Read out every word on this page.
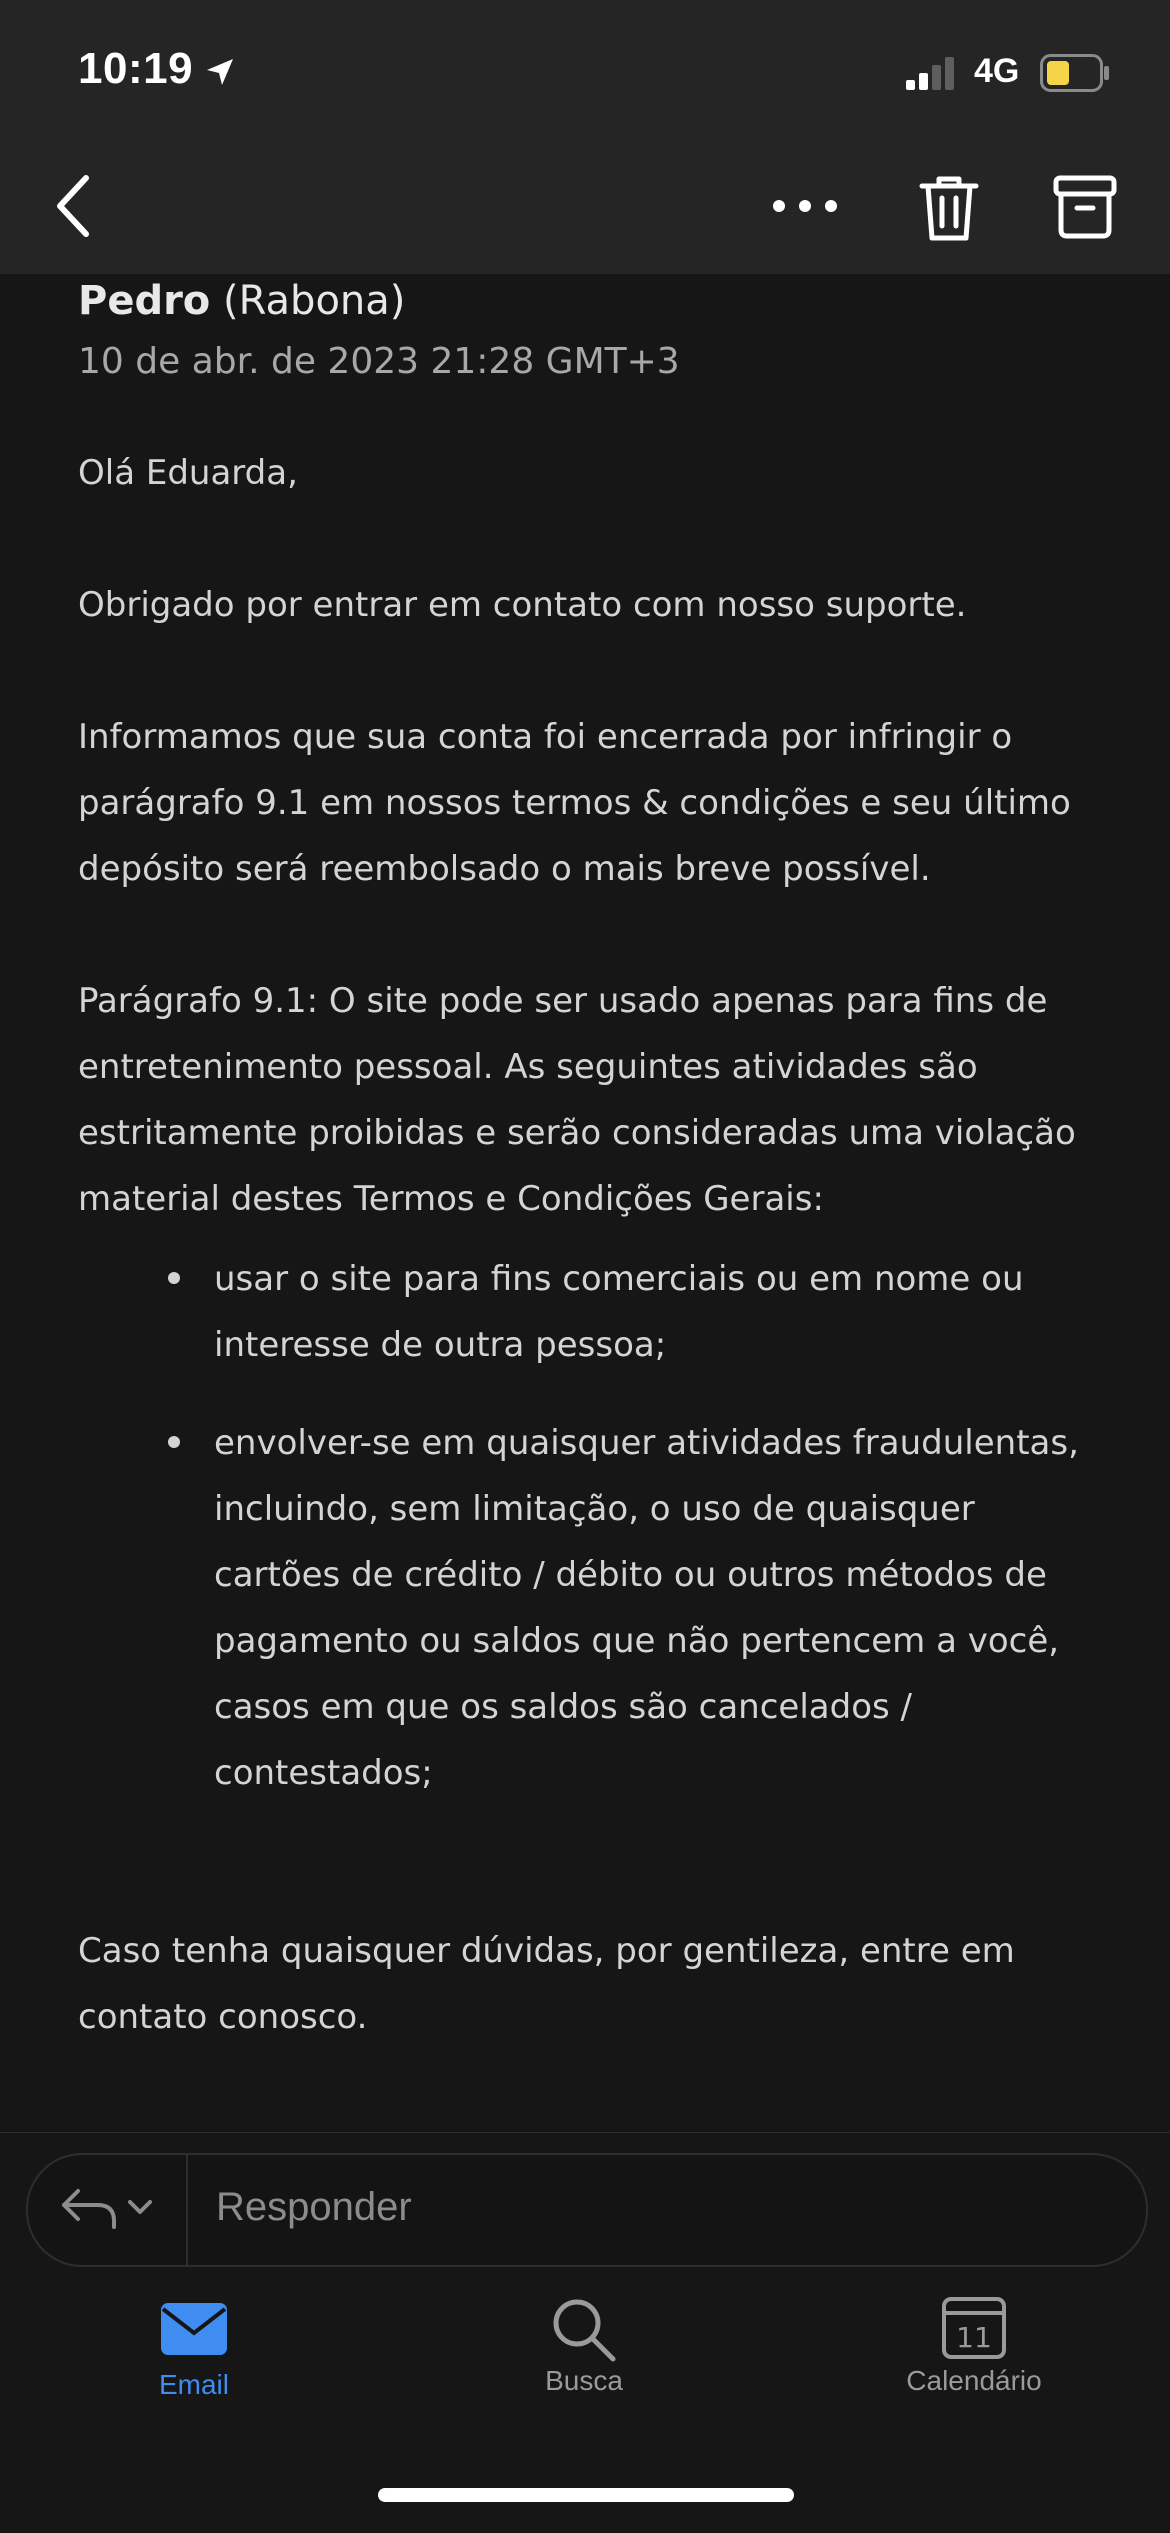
10:19	4G
Pedro (Rabona)
10 de abr. de 2023 21:28 GMT+3

Olá Eduarda,

Obrigado por entrar em contato com nosso suporte.

Informamos que sua conta foi encerrada por infringir o parágrafo 9.1 em nossos termos & condições e seu último depósito será reembolsado o mais breve possível.

Parágrafo 9.1: O site pode ser usado apenas para fins de entretenimento pessoal. As seguintes atividades são estritamente proibidas e serão consideradas uma violação material destes Termos e Condições Gerais:

usar o site para fins comerciais ou em nome ou interesse de outra pessoa;
envolver-se em quaisquer atividades fraudulentas, incluindo, sem limitação, o uso de quaisquer cartões de crédito / débito ou outros métodos de pagamento ou saldos que não pertencem a você, casos em que os saldos são cancelados / contestados;

Caso tenha quaisquer dúvidas, por gentileza, entre em contato conosco.

Responder
Email	Busca
11
Calendário
